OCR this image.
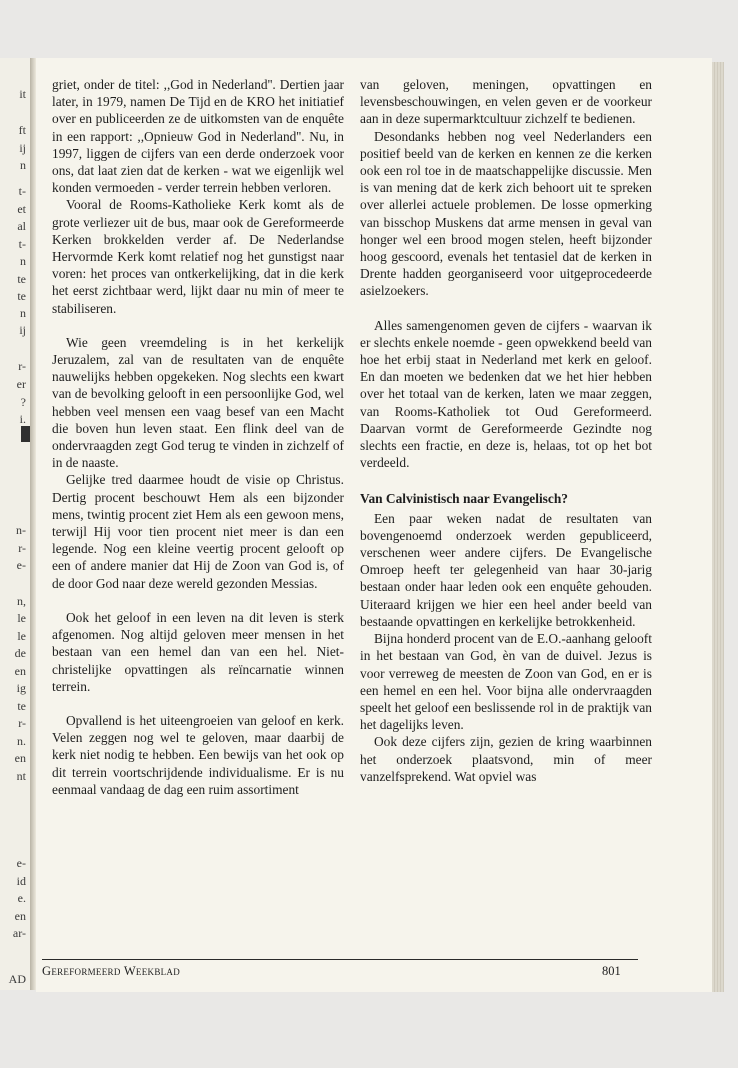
it
ft
ij
n
t-
et
al
t-
n
te
te
n
ij
r-
er
?
i.
n-
r-
e-
n,
le
le
de
en
ig
te
r-
n.
en
nt
e-
id
e.
en
ar-
AD

griet, onder de titel: ,,God in Nederland''. Dertien jaar later, in 1979, namen De Tijd en de KRO het initiatief over en publiceerden ze de uitkomsten van de enquête in een rapport: ,,Opnieuw God in Nederland''. Nu, in 1997, liggen de cijfers van een derde onderzoek voor ons, dat laat zien dat de kerken - wat we eigenlijk wel konden vermoeden - verder terrein hebben verloren.

Vooral de Rooms-Katholieke Kerk komt als de grote verliezer uit de bus, maar ook de Gereformeerde Kerken brokkelden verder af. De Nederlandse Hervormde Kerk komt relatief nog het gunstigst naar voren: het proces van ontkerkelijking, dat in die kerk het eerst zichtbaar werd, lijkt daar nu min of meer te stabiliseren.

Wie geen vreemdeling is in het kerkelijk Jeruzalem, zal van de resultaten van de enquête nauwelijks hebben opgekeken. Nog slechts een kwart van de bevolking gelooft in een persoonlijke God, wel hebben veel mensen een vaag besef van een Macht die boven hun leven staat. Een flink deel van de ondervraagden zegt God terug te vinden in zichzelf of in de naaste.

Gelijke tred daarmee houdt de visie op Christus. Dertig procent beschouwt Hem als een bijzonder mens, twintig procent ziet Hem als een gewoon mens, terwijl Hij voor tien procent niet meer is dan een legende. Nog een kleine veertig procent gelooft op een of andere manier dat Hij de Zoon van God is, of de door God naar deze wereld gezonden Messias.

Ook het geloof in een leven na dit leven is sterk afgenomen. Nog altijd geloven meer mensen in het bestaan van een hemel dan van een hel. Niet-christelijke opvattingen als reïncarnatie winnen terrein.

Opvallend is het uiteengroeien van geloof en kerk. Velen zeggen nog wel te geloven, maar daarbij de kerk niet nodig te hebben. Een bewijs van het ook op dit terrein voortschrijdende individualisme. Er is nu eenmaal vandaag de dag een ruim assortiment

van geloven, meningen, opvattingen en levensbeschouwingen, en velen geven er de voorkeur aan in deze supermarktcultuur zichzelf te bedienen.

Desondanks hebben nog veel Nederlanders een positief beeld van de kerken en kennen ze die kerken ook een rol toe in de maatschappelijke discussie. Men is van mening dat de kerk zich behoort uit te spreken over allerlei actuele problemen. De losse opmerking van bisschop Muskens dat arme mensen in geval van honger wel een brood mogen stelen, heeft bijzonder hoog gescoord, evenals het tentasiel dat de kerken in Drente hadden georganiseerd voor uitgeprocedeerde asielzoekers.

Alles samengenomen geven de cijfers - waarvan ik er slechts enkele noemde - geen opwekkend beeld van hoe het erbij staat in Nederland met kerk en geloof. En dan moeten we bedenken dat we het hier hebben over het totaal van de kerken, laten we maar zeggen, van Rooms-Katholiek tot Oud Gereformeerd. Daarvan vormt de Gereformeerde Gezindte nog slechts een fractie, en deze is, helaas, tot op het bot verdeeld.

Van Calvinistisch naar Evangelisch?

Een paar weken nadat de resultaten van bovengenoemd onderzoek werden gepubliceerd, verschenen weer andere cijfers. De Evangelische Omroep heeft ter gelegenheid van haar 30-jarig bestaan onder haar leden ook een enquête gehouden. Uiteraard krijgen we hier een heel ander beeld van bestaande opvattingen en kerkelijke betrokkenheid.

Bijna honderd procent van de E.O.-aanhang gelooft in het bestaan van God, èn van de duivel. Jezus is voor verreweg de meesten de Zoon van God, en er is een hemel en een hel. Voor bijna alle ondervraagden speelt het geloof een beslissende rol in de praktijk van het dagelijks leven.

Ook deze cijfers zijn, gezien de kring waarbinnen het onderzoek plaatsvond, min of meer vanzelfsprekend. Wat opviel was

Gereformeerd Weekblad	801
